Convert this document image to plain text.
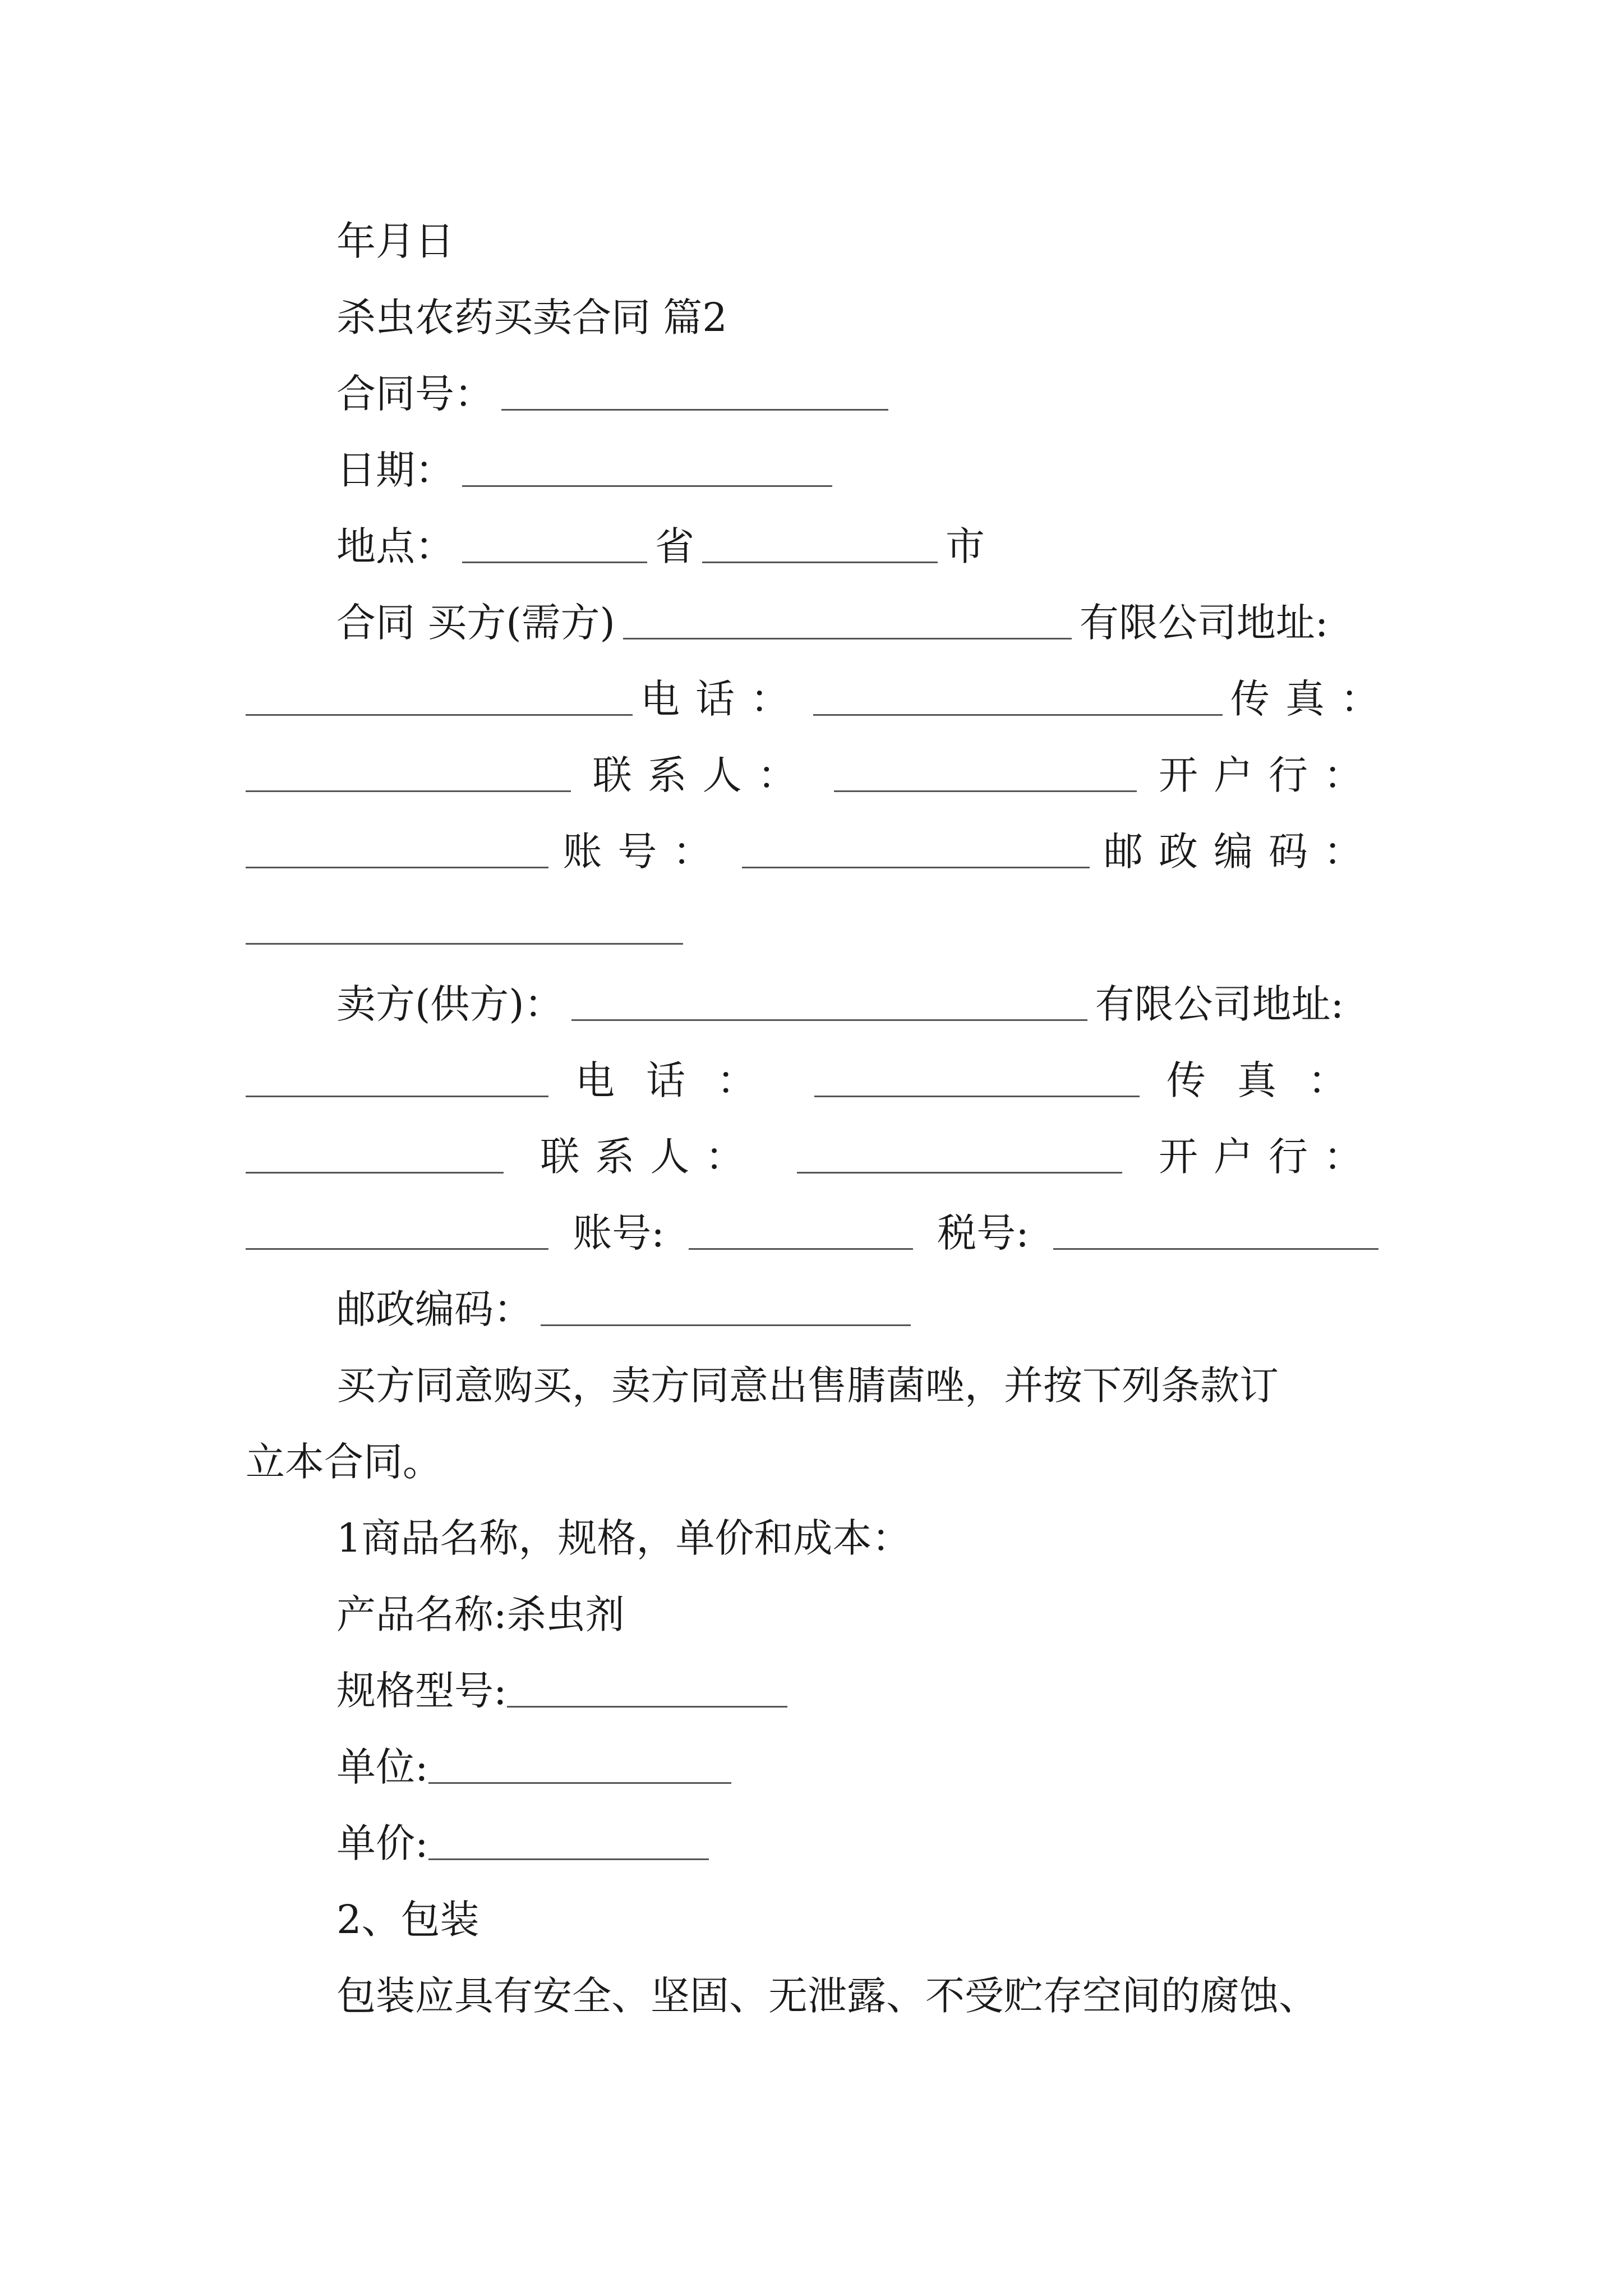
年月日
杀虫农药买卖合同 篇2
合同号：
日期：
地点：	省	市
合同 买方(需方)	有限公司地址:
电话：	传真：
联系人：	开户行：
账号：	邮政编码：
卖方(供方)：	有限公司地址:
电话：	传真：
联系人：	开户行：
账号:	税号:
邮政编码：
买方同意购买，卖方同意出售腈菌唑，并按下列条款订
立本合同。
1商品名称，规格，单价和成本：
产品名称:杀虫剂
规格型号:
单位:
单价:
2、包装
包装应具有安全、坚固、无泄露、不受贮存空间的腐蚀、
